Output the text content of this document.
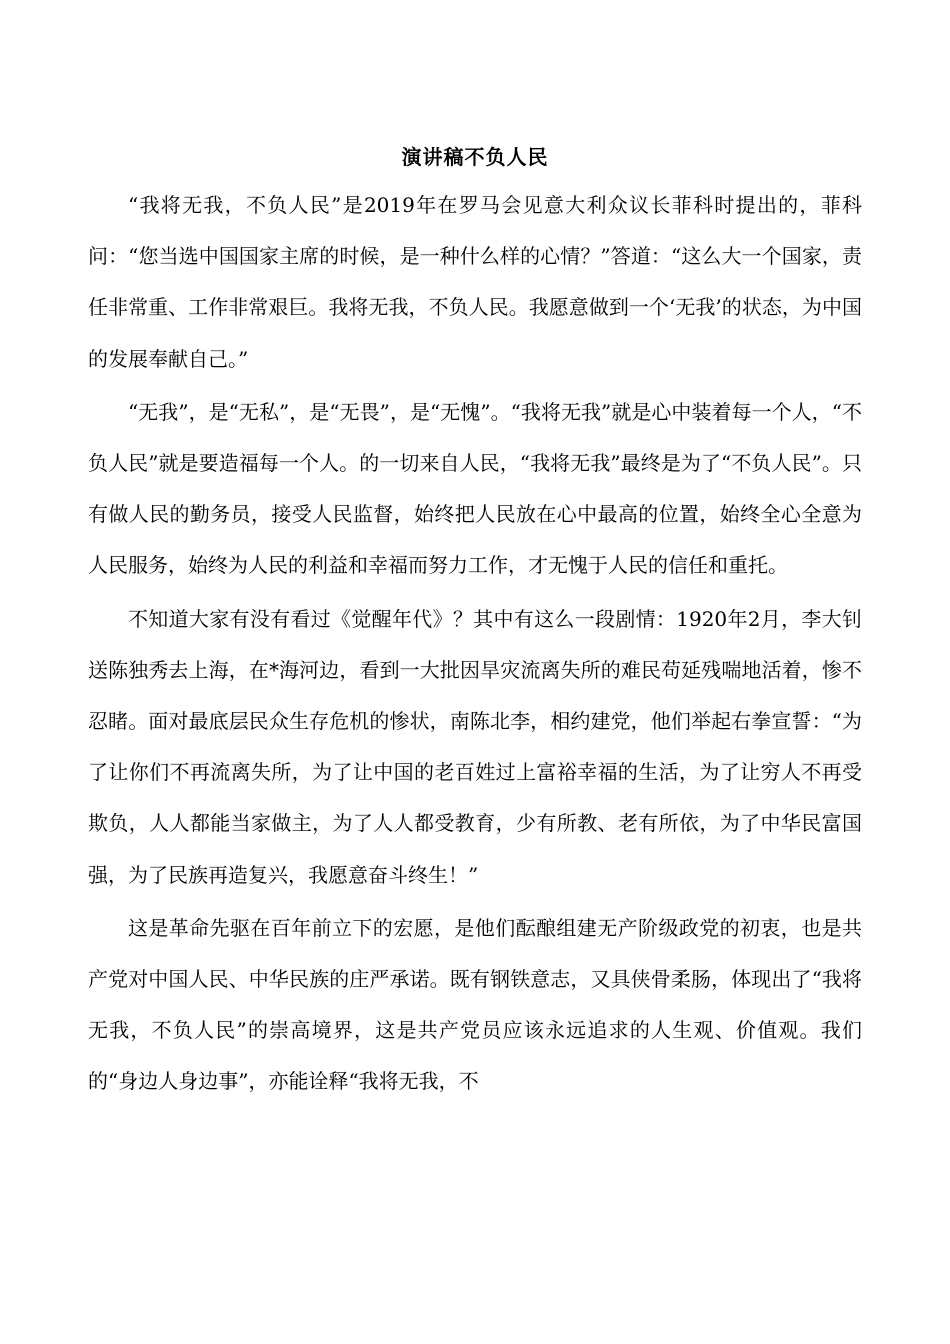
演讲稿不负人民

“我将无我，不负人民”是2019年在罗马会见意大利众议长菲科时提出的，菲科问：“您当选中国国家主席的时候，是一种什么样的心情？”答道：“这么大一个国家，责任非常重、工作非常艰巨。我将无我，不负人民。我愿意做到一个‘无我’的状态，为中国的发展奉献自己。”

“无我”，是“无私”，是“无畏”，是“无愧”。“我将无我”就是心中装着每一个人，“不负人民”就是要造福每一个人。的一切来自人民，“我将无我”最终是为了“不负人民”。只有做人民的勤务员，接受人民监督，始终把人民放在心中最高的位置，始终全心全意为人民服务，始终为人民的利益和幸福而努力工作，才无愧于人民的信任和重托。

不知道大家有没有看过《觉醒年代》？其中有这么一段剧情：1920年2月，李大钊送陈独秀去上海，在*海河边，看到一大批因旱灾流离失所的难民苟延残喘地活着，惨不忍睹。面对最底层民众生存危机的惨状，南陈北李，相约建党，他们举起右拳宣誓：“为了让你们不再流离失所，为了让中国的老百姓过上富裕幸福的生活，为了让穷人不再受欺负，人人都能当家做主，为了人人都受教育，少有所教、老有所依，为了中华民富国强，为了民族再造复兴，我愿意奋斗终生！”

这是革命先驱在百年前立下的宏愿，是他们酝酿组建无产阶级政党的初衷，也是共产党对中国人民、中华民族的庄严承诺。既有钢铁意志，又具侠骨柔肠，体现出了“我将无我，不负人民”的崇高境界，这是共产党员应该永远追求的人生观、价值观。我们的“身边人身边事”，亦能诠释“我将无我，不
